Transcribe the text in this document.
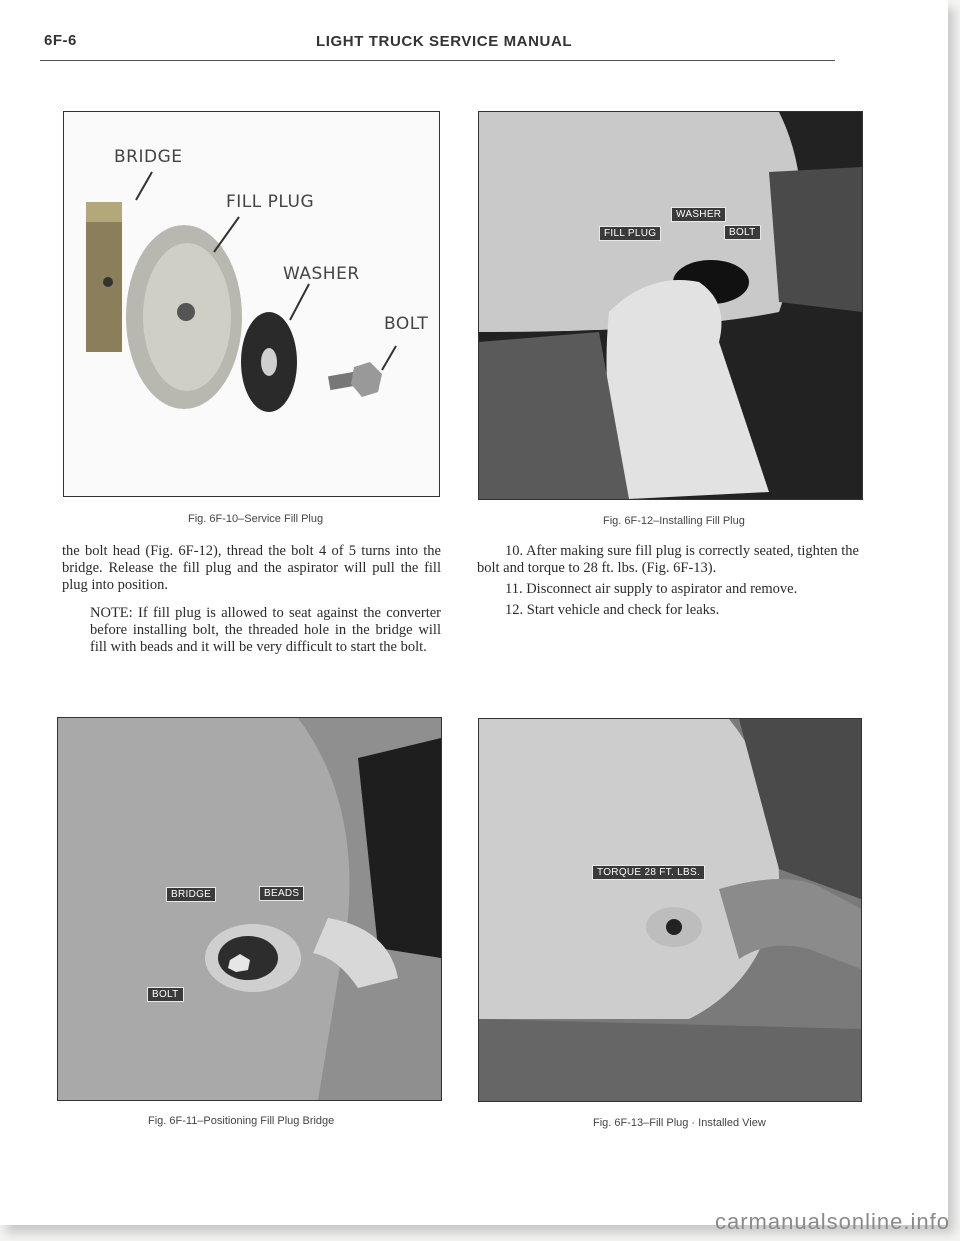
6F-6	LIGHT TRUCK SERVICE MANUAL
BRIDGE
FILL PLUG
WASHER
BOLT
Fig. 6F-10–Service Fill Plug
WASHER
FILL PLUG	BOLT
Fig. 6F-12–Installing Fill Plug

the bolt head (Fig. 6F-12), thread the bolt 4 of 5 turns into the bridge. Release the fill plug and the aspirator will pull the fill plug into position.

NOTE: If fill plug is allowed to seat against the converter before installing bolt, the threaded hole in the bridge will fill with beads and it will be very difficult to start the bolt.

10. After making sure fill plug is correctly seated, tighten the bolt and torque to 28 ft. lbs. (Fig. 6F-13).

11. Disconnect air supply to aspirator and remove.

12. Start vehicle and check for leaks.

BRIDGE	BEADS
BOLT
Fig. 6F-11–Positioning Fill Plug Bridge
TORQUE 28 FT. LBS.
Fig. 6F-13–Fill Plug · Installed View
carmanualsonline.info
